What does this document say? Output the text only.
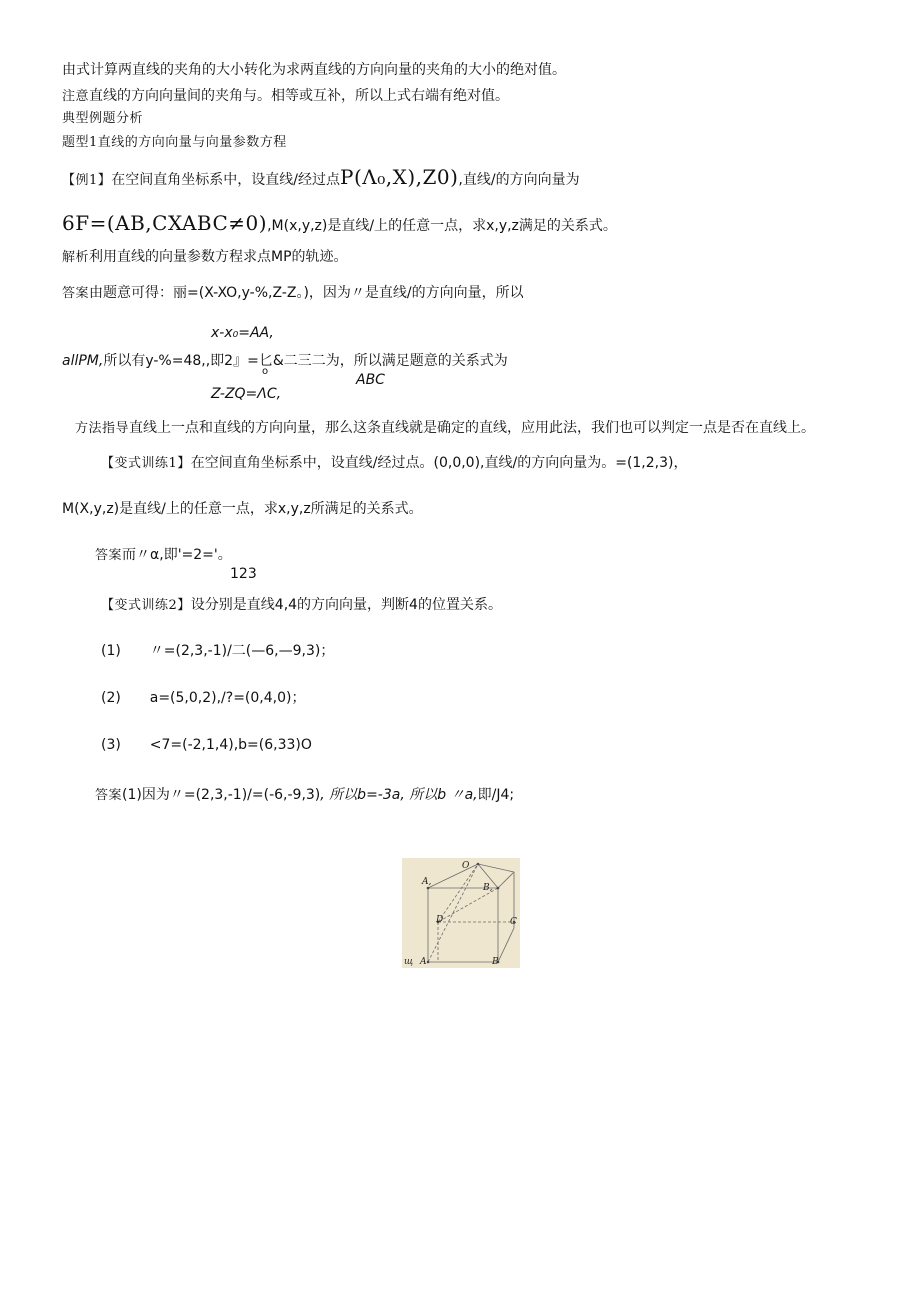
由式计算两直线的夹角的大小转化为求两直线的方向向量的夹角的大小的绝对值。
注意直线的方向向量间的夹角与。相等或互补，所以上式右端有绝对值。
典型例题分析
题型1直线的方向向量与向量参数方程
【例1】在空间直角坐标系中，设直线/经过点P(Λ₀,X),Z0),直线/的方向向量为
6F=(AB,CXABC≠0),M(x,y,z)是直线/上的任意一点，求x,y,z满足的关系式。
解析利用直线的向量参数方程求点MP的轨迹。
答案由题意可得：丽=(X-XO,y-%,Z-Z。)，因为〃是直线/的方向向量，所以
x-x₀=AA,
allPM,所以有y-%=48,,即2』=匕&二三二为，所以满足题意的关系式为
o
ABC
Z-ZQ=ΛC,
方法指导直线上一点和直线的方向向量，那么这条直线就是确定的直线，应用此法，我们也可以判定一点是否在直线上。
【变式训练1】在空间直角坐标系中，设直线/经过点。(0,0,0),直线/的方向向量为。=(1,2,3)，
M(X,y,z)是直线/上的任意一点，求x,y,z所满足的关系式。
答案而〃α,即'=2='。
123
【变式训练2】设分别是直线4,4的方向向量，判断4的位置关系。
(1) 〃=(2,3,-1)/二(—6,—9,3)；
(2) a=(5,0,2),/?=(0,4,0)；
(3) <7=(-2,1,4),b=(6,33)O
答案(1)因为〃=(2,3,-1)/=(-6,-9,3), 所以b=-3a, 所以b 〃a,即/J4;
A,
O
B,
D	C
A	B
щ
